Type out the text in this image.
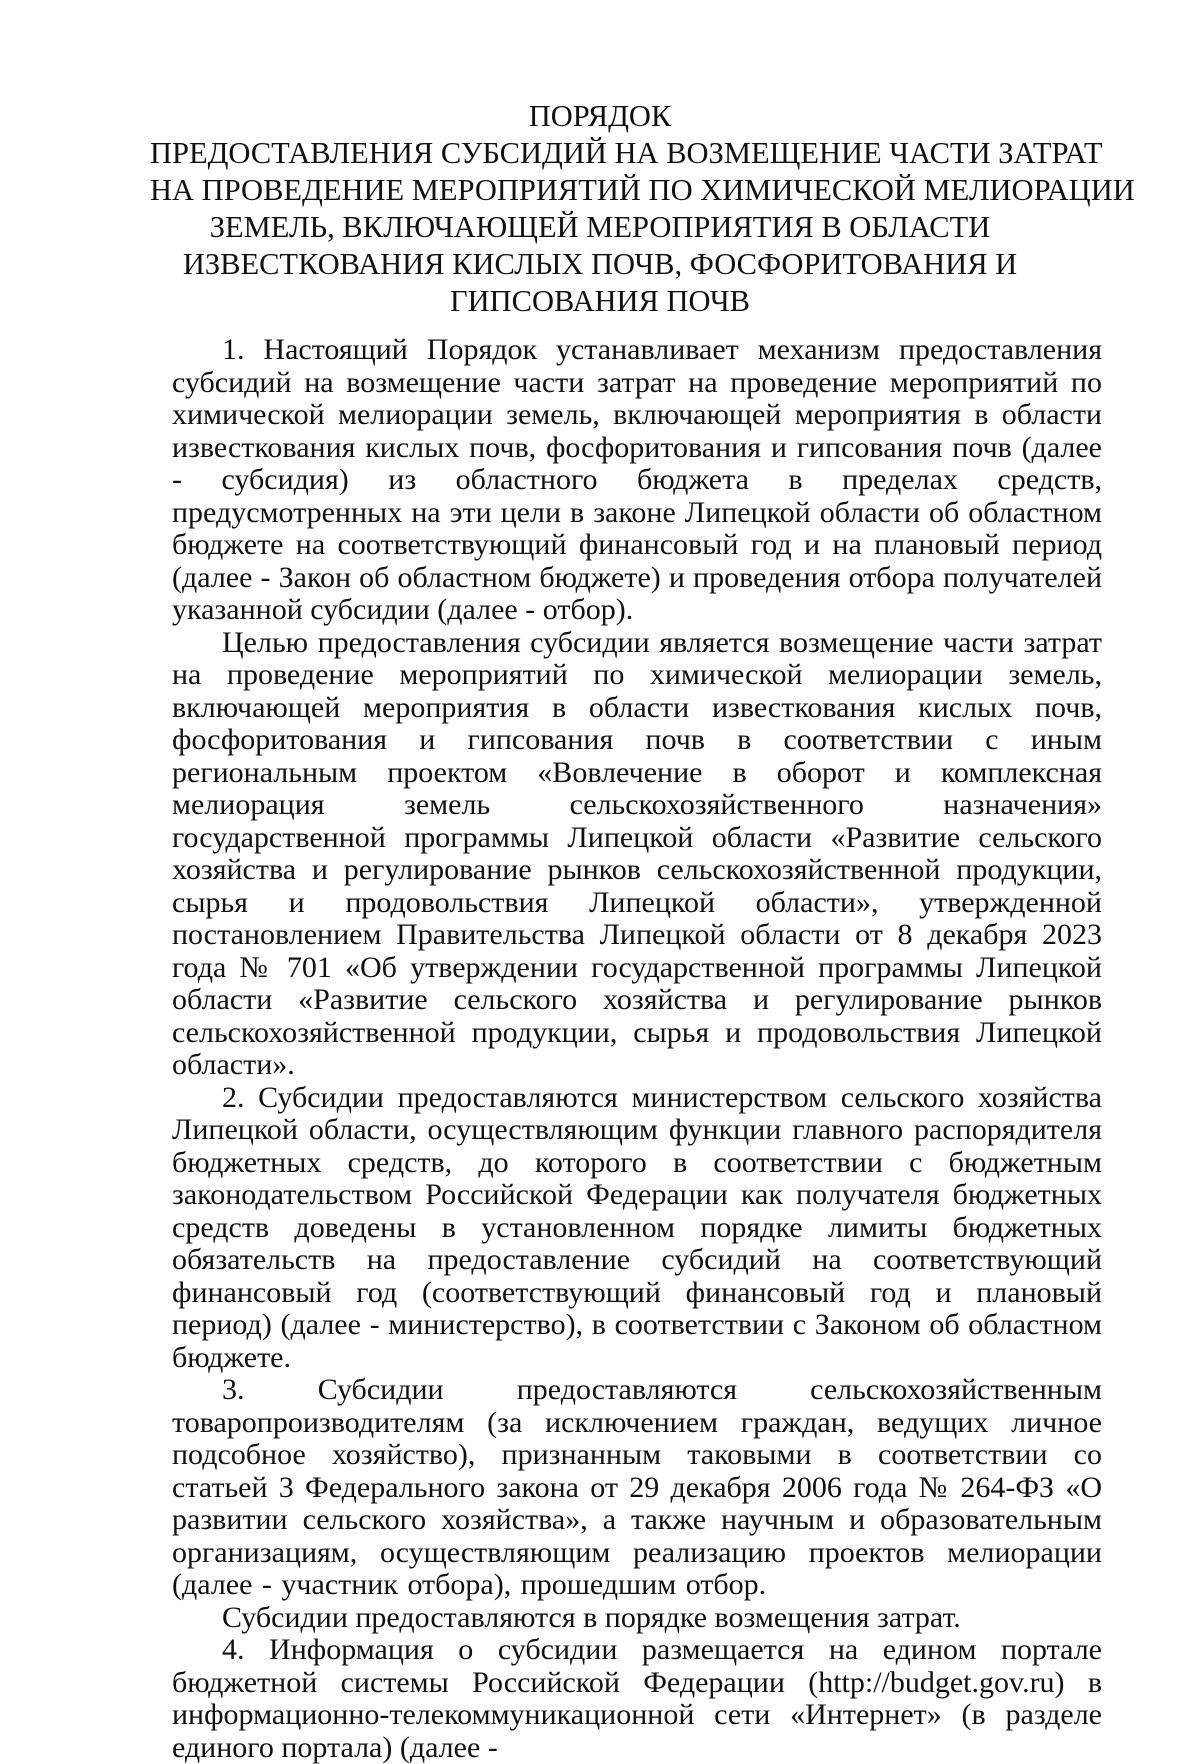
ПОРЯДОК
ПРЕДОСТАВЛЕНИЯ СУБСИДИЙ НА ВОЗМЕЩЕНИЕ ЧАСТИ ЗАТРАТ
НА ПРОВЕДЕНИЕ МЕРОПРИЯТИЙ ПО ХИМИЧЕСКОЙ МЕЛИОРАЦИИ
ЗЕМЕЛЬ, ВКЛЮЧАЮЩЕЙ МЕРОПРИЯТИЯ В ОБЛАСТИ
ИЗВЕСТКОВАНИЯ КИСЛЫХ ПОЧВ, ФОСФОРИТОВАНИЯ И
ГИПСОВАНИЯ ПОЧВ

1. Настоящий Порядок устанавливает механизм предоставления субсидий на возмещение части затрат на проведение мероприятий по химической мелиорации земель, включающей мероприятия в области известкования кислых почв, фосфоритования и гипсования почв (далее - субсидия) из областного бюджета в пределах средств, предусмотренных на эти цели в законе Липецкой области об областном бюджете на соответствующий финансовый год и на плановый период (далее - Закон об областном бюджете) и проведения отбора получателей указанной субсидии (далее - отбор).

Целью предоставления субсидии является возмещение части затрат на проведение мероприятий по химической мелиорации земель, включающей мероприятия в области известкования кислых почв, фосфоритования и гипсования почв в соответствии с иным региональным проектом «Вовлечение в оборот и комплексная мелиорация земель сельскохозяйственного назначения» государственной программы Липецкой области «Развитие сельского хозяйства и регулирование рынков сельскохозяйственной продукции, сырья и продовольствия Липецкой области», утвержденной постановлением Правительства Липецкой области от 8 декабря 2023 года № 701 «Об утверждении государственной программы Липецкой области «Развитие сельского хозяйства и регулирование рынков сельскохозяйственной продукции, сырья и продовольствия Липецкой области».

2. Субсидии предоставляются министерством сельского хозяйства Липецкой области, осуществляющим функции главного распорядителя бюджетных средств, до которого в соответствии с бюджетным законодательством Российской Федерации как получателя бюджетных средств доведены в установленном порядке лимиты бюджетных обязательств на предоставление субсидий на соответствующий финансовый год (соответствующий финансовый год и плановый период) (далее - министерство), в соответствии с Законом об областном бюджете.

3. Субсидии предоставляются сельскохозяйственным товаропроизводителям (за исключением граждан, ведущих личное подсобное хозяйство), признанным таковыми в соответствии со статьей 3 Федерального закона от 29 декабря 2006 года № 264-ФЗ «О развитии сельского хозяйства», а также научным и образовательным организациям, осуществляющим реализацию проектов мелиорации (далее - участник отбора), прошедшим отбор.

Субсидии предоставляются в порядке возмещения затрат.

4. Информация о субсидии размещается на едином портале бюджетной системы Российской Федерации (http://budget.gov.ru) в информационно-телекоммуникационной сети «Интернет» (в разделе единого портала) (далее -
